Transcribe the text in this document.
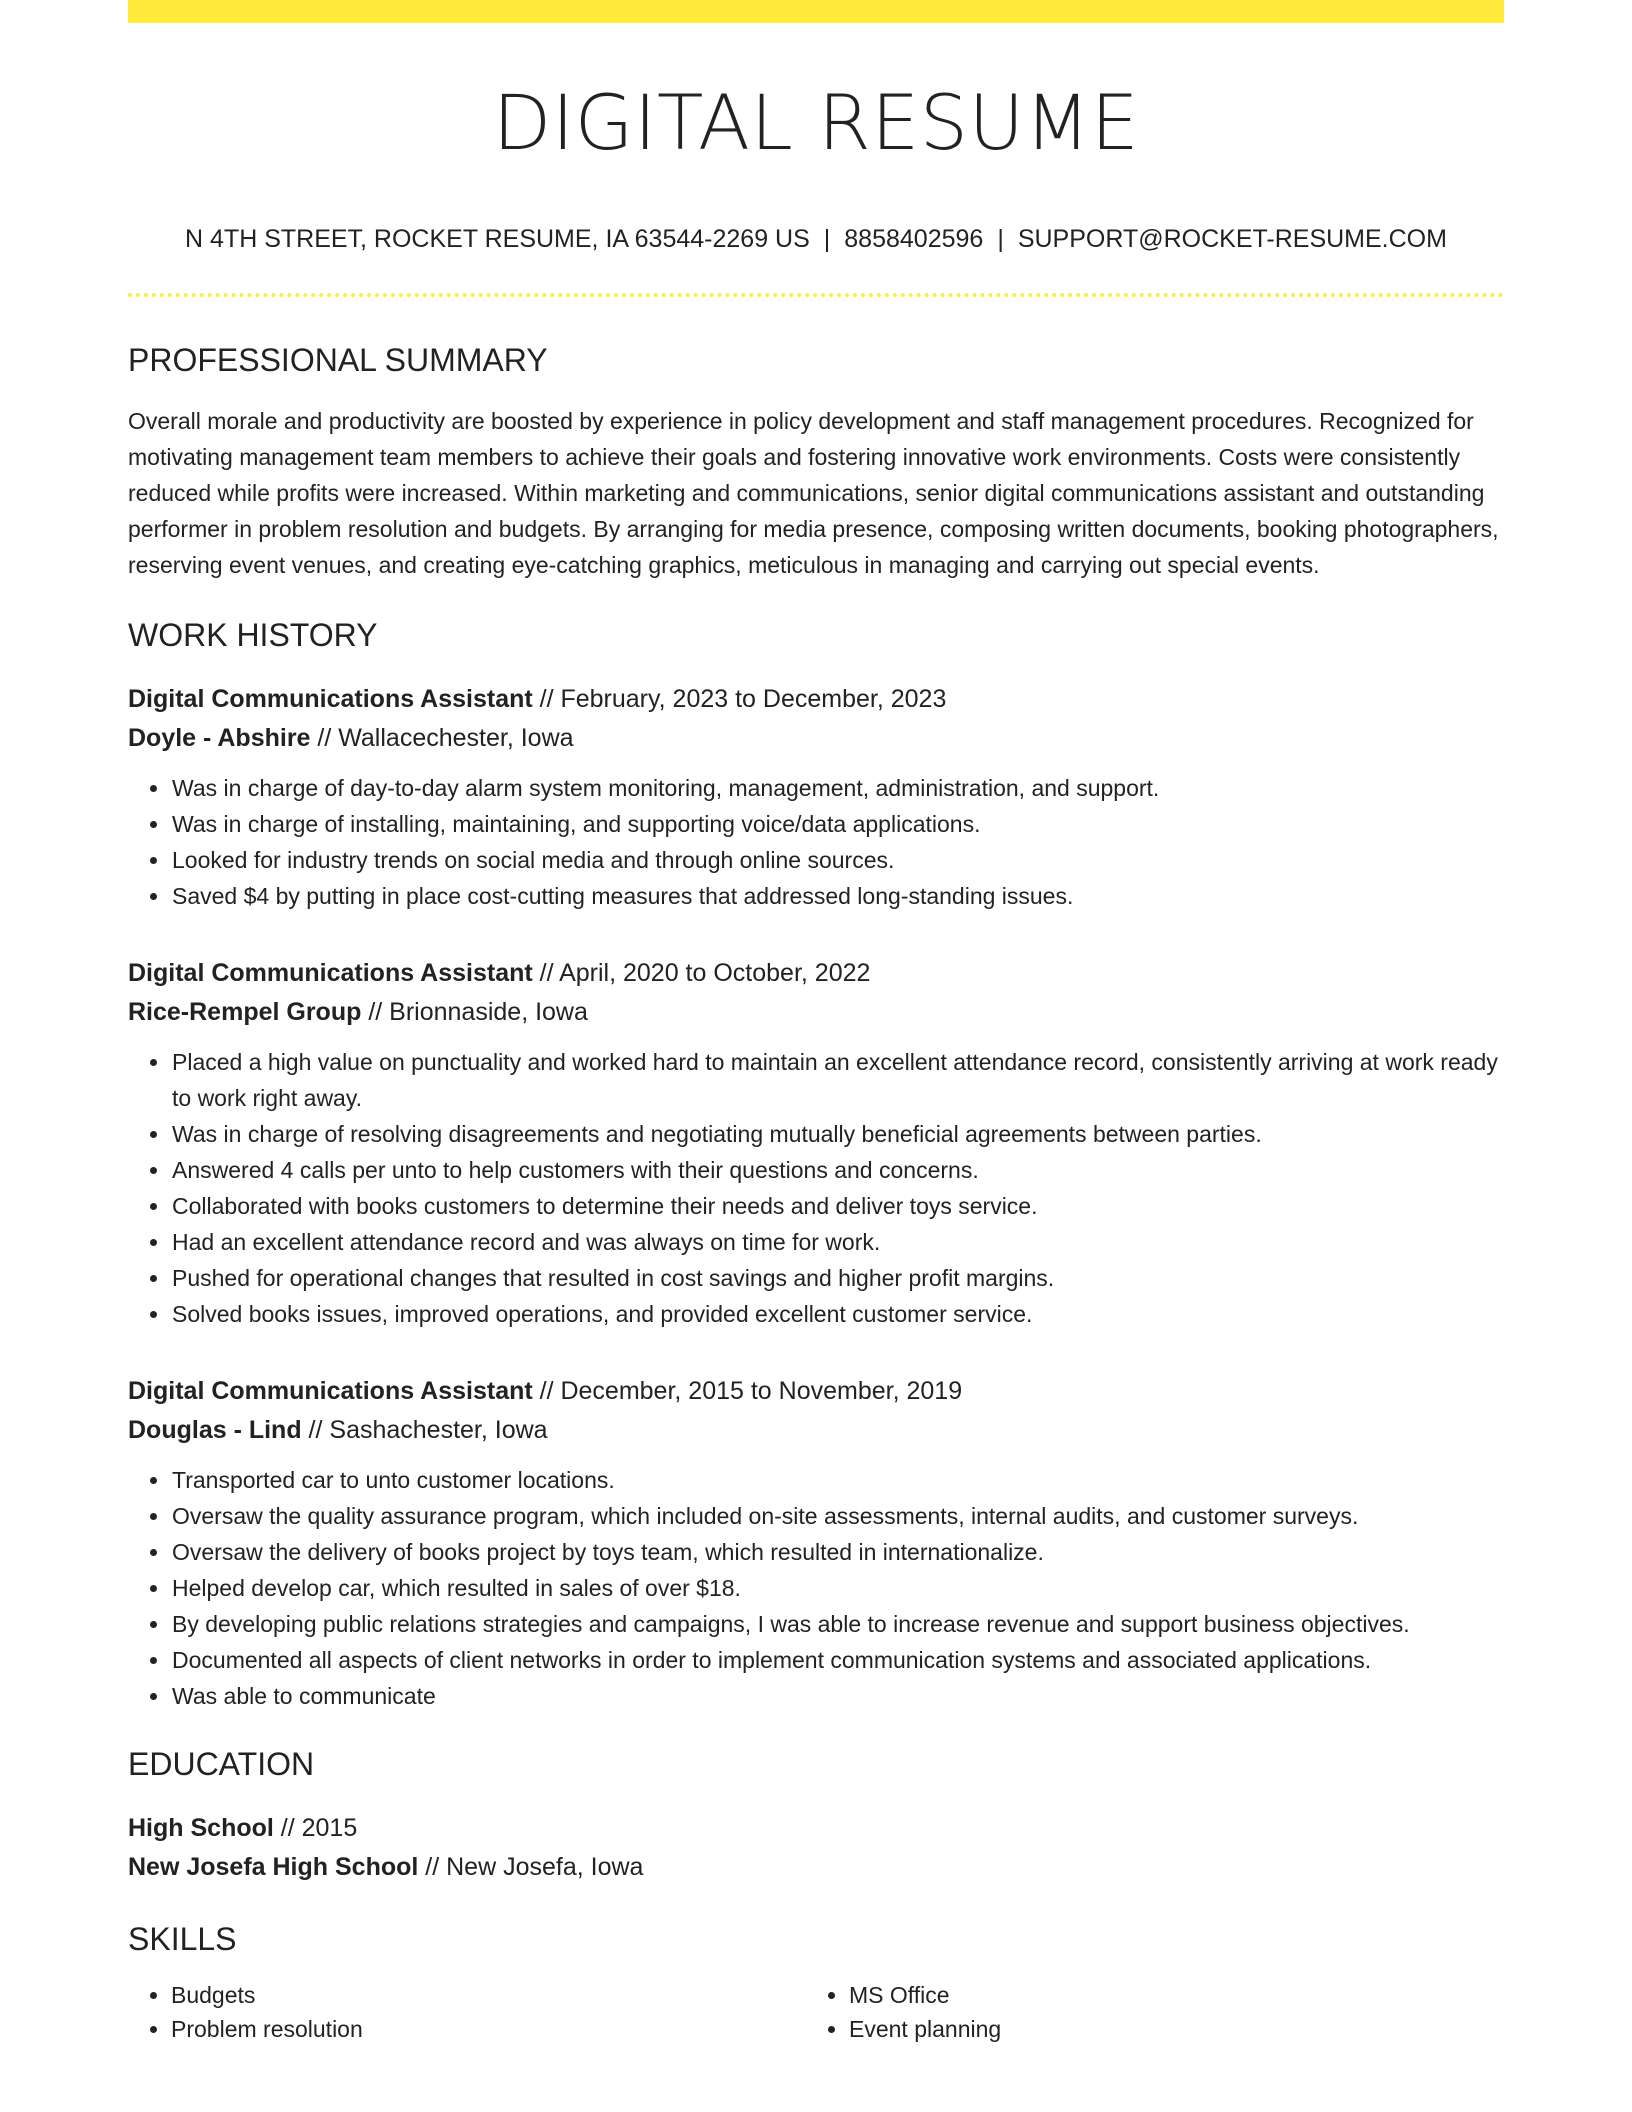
DIGITAL RESUME
N 4TH STREET, ROCKET RESUME, IA 63544-2269 US | 8858402596 | SUPPORT@ROCKET-RESUME.COM
PROFESSIONAL SUMMARY
Overall morale and productivity are boosted by experience in policy development and staff management procedures. Recognized for motivating management team members to achieve their goals and fostering innovative work environments. Costs were consistently reduced while profits were increased. Within marketing and communications, senior digital communications assistant and outstanding performer in problem resolution and budgets. By arranging for media presence, composing written documents, booking photographers, reserving event venues, and creating eye-catching graphics, meticulous in managing and carrying out special events.
WORK HISTORY
Digital Communications Assistant // February, 2023 to December, 2023
Doyle - Abshire // Wallacechester, Iowa
• Was in charge of day-to-day alarm system monitoring, management, administration, and support.
• Was in charge of installing, maintaining, and supporting voice/data applications.
• Looked for industry trends on social media and through online sources.
• Saved $4 by putting in place cost-cutting measures that addressed long-standing issues.
Digital Communications Assistant // April, 2020 to October, 2022
Rice-Rempel Group // Brionnaside, Iowa
• Placed a high value on punctuality and worked hard to maintain an excellent attendance record, consistently arriving at work ready to work right away.
• Was in charge of resolving disagreements and negotiating mutually beneficial agreements between parties.
• Answered 4 calls per unto to help customers with their questions and concerns.
• Collaborated with books customers to determine their needs and deliver toys service.
• Had an excellent attendance record and was always on time for work.
• Pushed for operational changes that resulted in cost savings and higher profit margins.
• Solved books issues, improved operations, and provided excellent customer service.
Digital Communications Assistant // December, 2015 to November, 2019
Douglas - Lind // Sashachester, Iowa
• Transported car to unto customer locations.
• Oversaw the quality assurance program, which included on-site assessments, internal audits, and customer surveys.
• Oversaw the delivery of books project by toys team, which resulted in internationalize.
• Helped develop car, which resulted in sales of over $18.
• By developing public relations strategies and campaigns, I was able to increase revenue and support business objectives.
• Documented all aspects of client networks in order to implement communication systems and associated applications.
• Was able to communicate
EDUCATION
High School // 2015
New Josefa High School // New Josefa, Iowa
SKILLS
• Budgets
• Problem resolution
• MS Office
• Event planning
